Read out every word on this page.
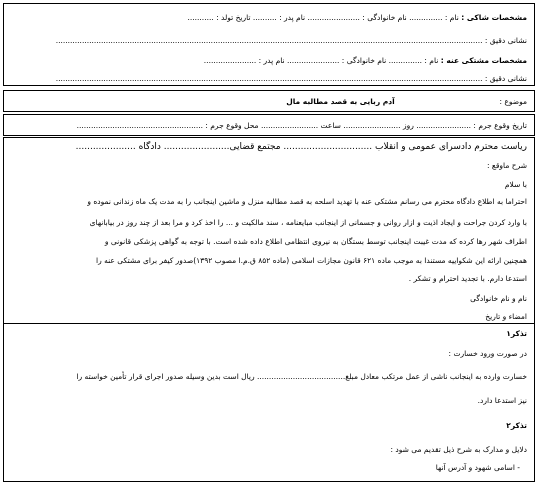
مشخصات شاکی : نام : .............. نام خانوادگی : ...................... نام پدر : .......... تاریخ تولد : ...........
نشانی دقیق : ...................................................................................................................................................................................
مشخصات مشتکی عنه : نام : .............. نام خانوادگی : ...................... نام پدر : ......................
نشانی دقیق : ...................................................................................................................................................................................
موضوع :  آدم ربایی به قصد مطالبه مال
تاریخ وقوع جرم : ....................... روز ........................ ساعت ........................ محل وقوع جرم : .....................................................
ریاست محترم دادسرای عمومی و انقلاب ............................... مجتمع قضایی....................... دادگاه .....................
شرح ماوقع :
با سلام
احتراما به اطلاع دادگاه محترم می رسانم مشتکی عنه با تهدید اسلحه به قصد مطالبه منزل و ماشین اینجانب را به مدت یک ماه زندانی نموده و
با وارد کردن جراحت و ایجاد اذیت و ازار روانی و جسمانی از اینجانب مبایعنامه ، سند مالکیت و ... را اخذ کرد و مرا بعد از چند روز در بیابانهای
اطراف شهر رها کرده که مدت غیبت اینجانب توسط بستگان به نیروی انتظامی اطلاع داده شده است. با توجه به گواهی پزشکی قانونی و
همچنین ارائه این شکواییه مستندا به موجب ماده ۶۲۱ قانون مجازات اسلامی (ماده ۸۵۲ ق.م.ا مصوب ۱۳۹۲)صدور کیفر برای مشتکی عنه را
استدعا دارم. با تجدید احترام و تشکر .
نام و نام خانوادگی
امضاء و تاریخ
تذکر۱
در صورت ورود خسارت :
خسارت وارده به اینجانب ناشی از عمل مرتکب معادل مبلغ..................................... ریال است بدین وسیله صدور اجرای قرار تأمین خواسته را
نیز استدعا دارد.
تذکر۲
دلایل و مدارک به شرح ذیل تقدیم می شود :
- اسامی شهود و آدرس آنها
